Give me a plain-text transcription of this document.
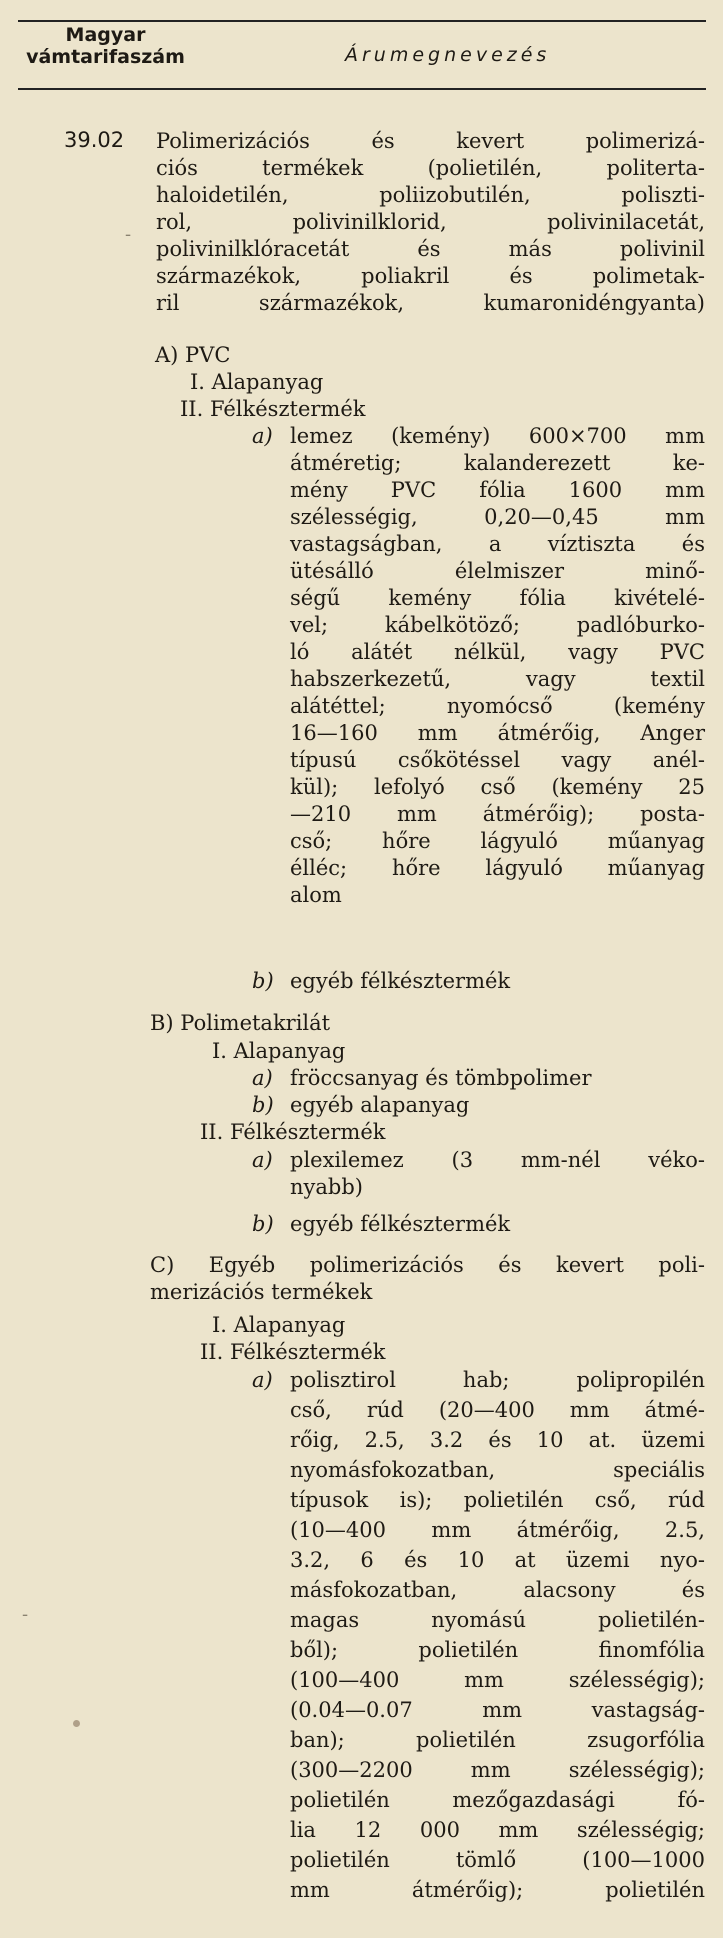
Magyar
vámtarifaszám	Árumegnevezés
39.02 Polimerizációs és kevert polimerizá-
ciós termékek (polietilén, politerta-
haloidetilén, poliizobutilén, poliszti-
rol, polivinilklorid, polivinilacetát,
polivinilklóracetát és más polivinil
származékok, poliakril és polimetak-
ril származékok, kumaronidéngyanta)
A) PVC
I. Alapanyag
II. Félkésztermék
a) lemez (kemény) 600×700 mm
átméretig; kalanderezett ke-
mény PVC fólia 1600 mm
szélességig, 0,20—0,45 mm
vastagságban, a víztiszta és
ütésálló élelmiszer minő-
ségű kemény fólia kivételé-
vel; kábelkötöző; padlóburko-
ló alátét nélkül, vagy PVC
habszerkezetű, vagy textil
alátéttel; nyomócső (kemény
16—160 mm átmérőig, Anger
típusú csőkötéssel vagy anél-
kül); lefolyó cső (kemény 25
—210 mm átmérőig); posta-
cső; hőre lágyuló műanyag
élléc; hőre lágyuló műanyag
alom
b) egyéb félkésztermék
B) Polimetakrilát
I. Alapanyag
a) fröccsanyag és tömbpolimer
b) egyéb alapanyag
II. Félkésztermék
a) plexilemez (3 mm-nél véko-
nyabb)
b) egyéb félkésztermék
C) Egyéb polimerizációs és kevert poli-
merizációs termékek
I. Alapanyag
II. Félkésztermék
a) polisztirol hab; polipropilén
cső, rúd (20—400 mm átmé-
rőig, 2.5, 3.2 és 10 at. üzemi
nyomásfokozatban, speciális
típusok is); polietilén cső, rúd
(10—400 mm átmérőig, 2.5,
3.2, 6 és 10 at üzemi nyo-
másfokozatban, alacsony és
magas nyomású polietilén-
ből); polietilén finomfólia
(100—400 mm szélességig);
(0.04—0.07 mm vastagság-
ban); polietilén zsugorfólia
(300—2200 mm szélességig);
polietilén mezőgazdasági fó-
lia 12 000 mm szélességig;
polietilén tömlő (100—1000
mm átmérőig); polietilén
-
-
